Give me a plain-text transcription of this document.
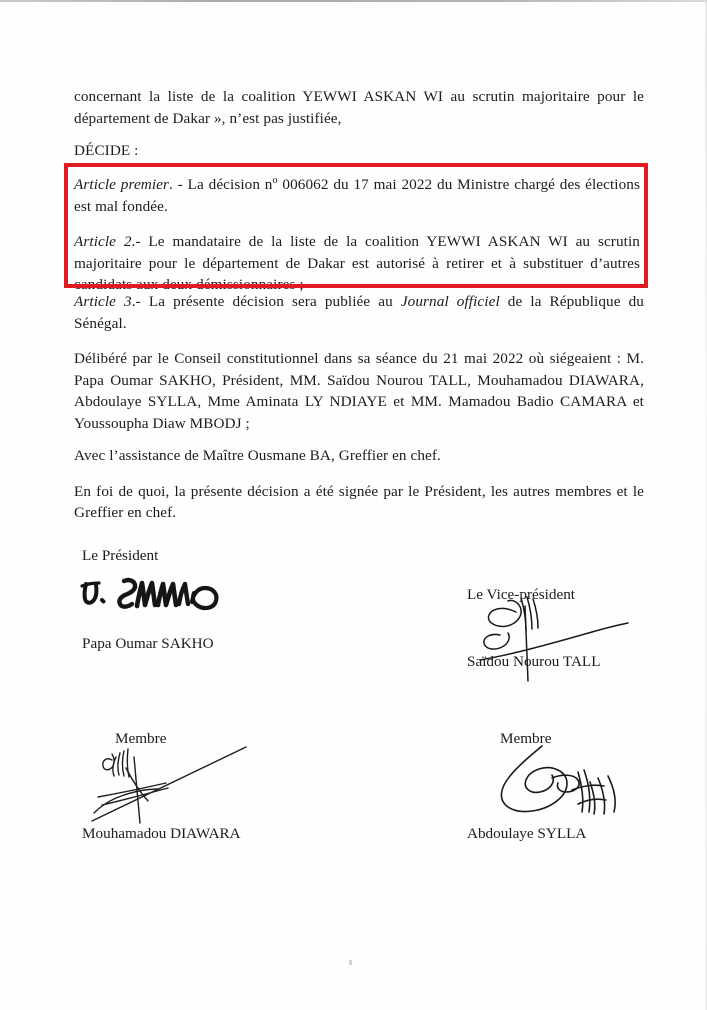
concernant la liste de la coalition YEWWI ASKAN WI au scrutin majoritaire pour le département de Dakar », n’est pas justifiée,

DÉCIDE :

Article premier. - La décision $n^o$ 006062 du 17 mai 2022 du Ministre chargé des élections est mal fondée.

Article 2.- Le mandataire de la liste de la coalition YEWWI ASKAN WI au scrutin majoritaire pour le département de Dakar est autorisé à retirer et à substituer d’autres candidats aux deux démissionnaires ;

Article 3.- La présente décision sera publiée au Journal officiel de la République du Sénégal.

Délibéré par le Conseil constitutionnel dans sa séance du 21 mai 2022 où siégeaient : M. Papa Oumar SAKHO, Président, MM. Saïdou Nourou TALL, Mouhamadou DIAWARA, Abdoulaye SYLLA, Mme Aminata LY NDIAYE et MM. Mamadou Badio CAMARA et Youssoupha Diaw MBODJ ;

Avec l’assistance de Maître Ousmane BA, Greffier en chef.

En foi de quoi, la présente décision a été signée par le Président, les autres membres et le Greffier en chef.

Le Président
Papa Oumar SAKHO
Le Vice-président
Saïdou Nourou TALL
Membre
Mouhamadou DIAWARA
Membre
Abdoulaye SYLLA
